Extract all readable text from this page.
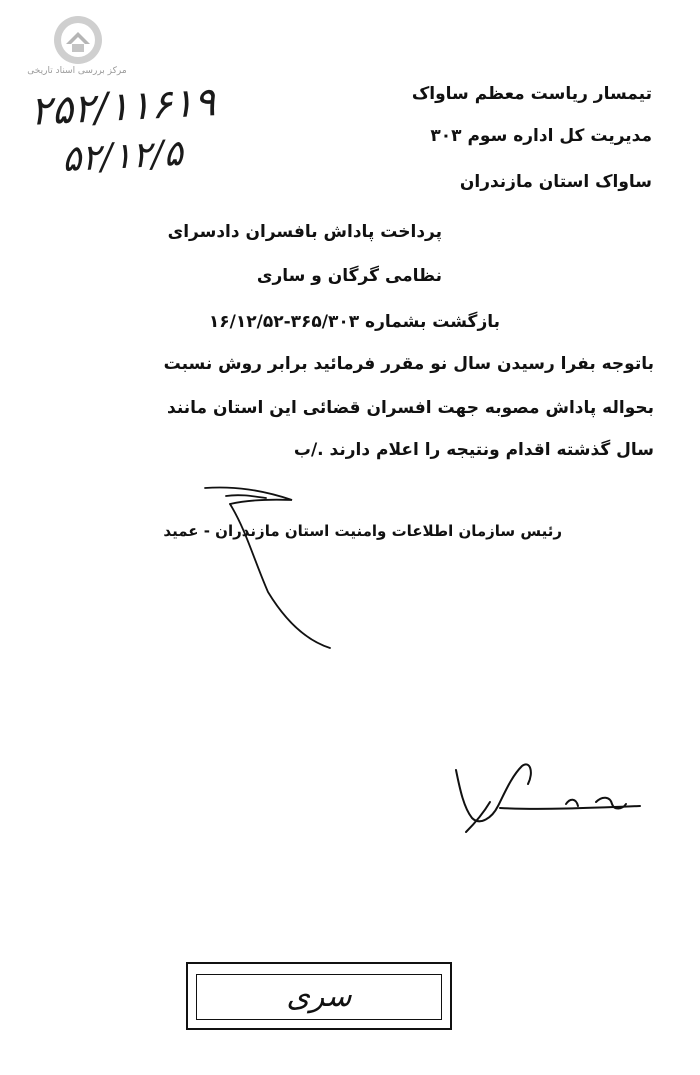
مرکز بررسی اسناد تاریخی
۲۵۲/۱۱۶۱۹
۵۲/۱۲/۵
تیمسار ریاست معظم ساواک
مدیریت کل اداره سوم ۳۰۳
ساواک استان مازندران
پرداخت پاداش بافسران دادسرای
نظامی گرگان و ساری
بازگشت بشماره ۳۶۵/۳۰۳-۱۶/۱۲/۵۲
باتوجه بفرا رسیدن سال نو مقرر فرمائید برابر روش نسبت
بحواله پاداش مصوبه جهت افسران قضائی این استان مانند
سال گذشته اقدام ونتیجه را اعلام دارند ./ب
رئیس سازمان اطلاعات وامنیت استان مازندران - عمید
سری
